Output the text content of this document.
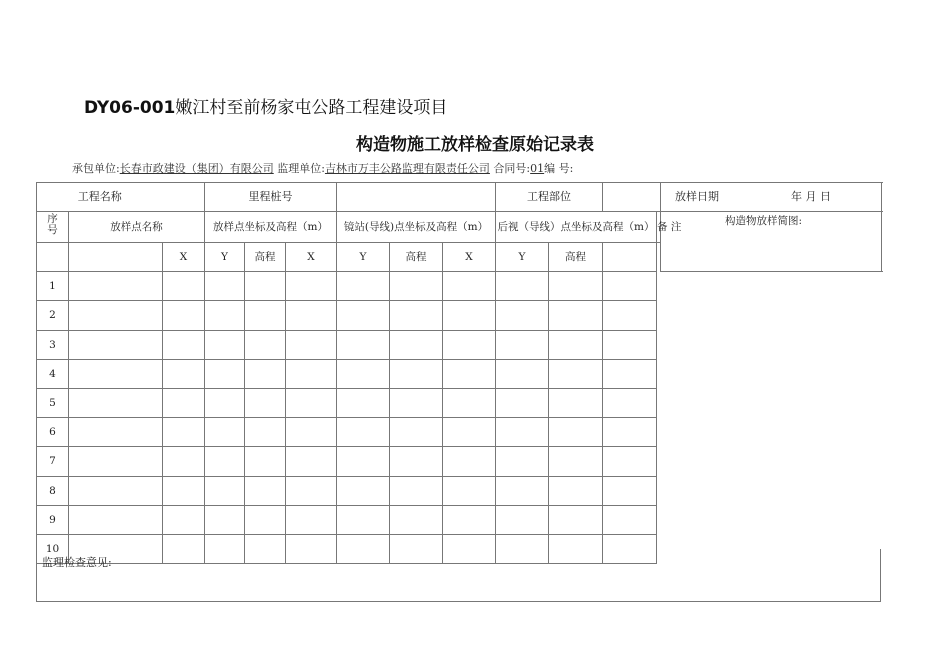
DY06-001嫩江村至前杨家屯公路工程建设项目
构造物施工放样检查原始记录表
承包单位:长春市政建设（集团）有限公司 监理单位:吉林市万丰公路监理有限责任公司 合同号:01编 号:
工程名称			里程桩号						工程部位				放样日期 年 月 日

序号	放样点名称		放样点坐标及高程（m）			镜站(导线)点坐标及高程（m）			后视（导线）点坐标及高程（m）			备 注	构造物放样简图:
		X	Y	高程	X	Y	高程	X	Y	高程			
1													
2													
3													
4													
5													
6													
7													
8													
9													
10													
监理检查意见:
